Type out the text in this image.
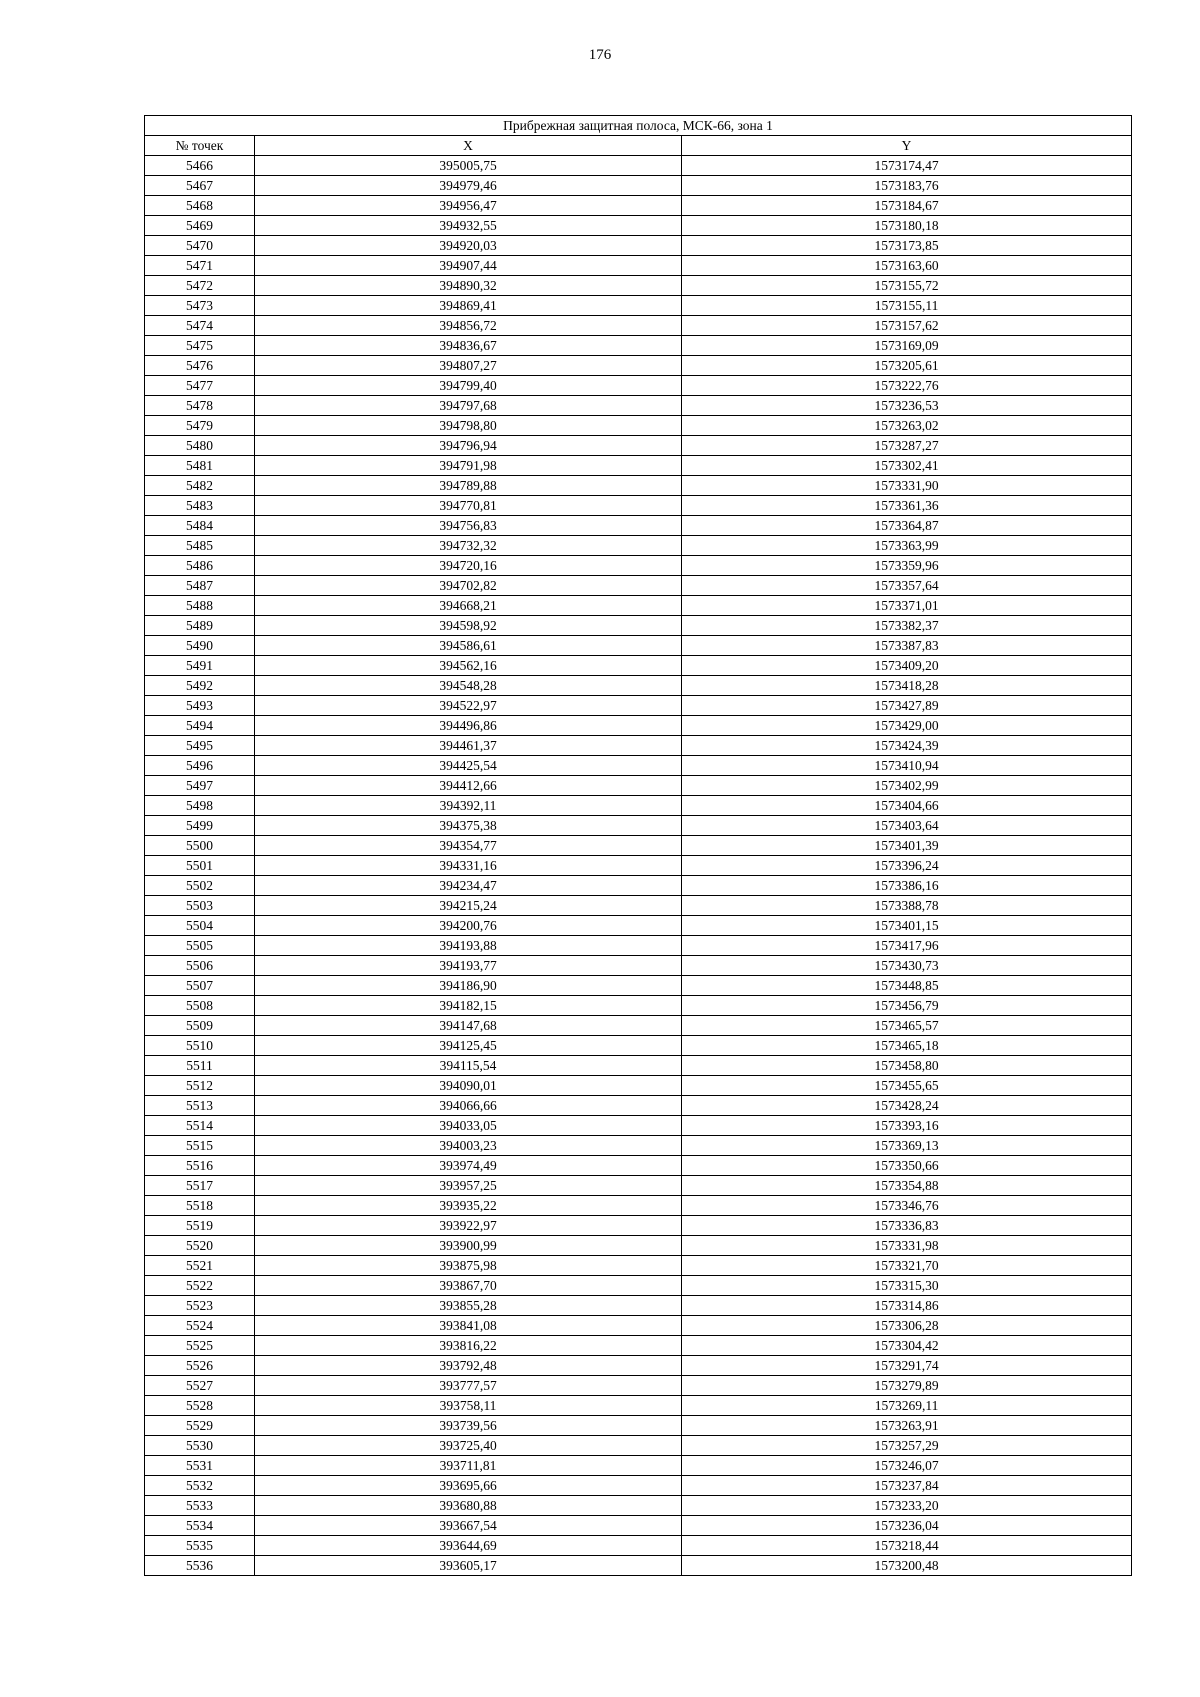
176
Прибрежная защитная полоса, МСК-66, зона 1		
№ точек	X	Y
5466	395005,75	1573174,47
5467	394979,46	1573183,76
5468	394956,47	1573184,67
5469	394932,55	1573180,18
5470	394920,03	1573173,85
5471	394907,44	1573163,60
5472	394890,32	1573155,72
5473	394869,41	1573155,11
5474	394856,72	1573157,62
5475	394836,67	1573169,09
5476	394807,27	1573205,61
5477	394799,40	1573222,76
5478	394797,68	1573236,53
5479	394798,80	1573263,02
5480	394796,94	1573287,27
5481	394791,98	1573302,41
5482	394789,88	1573331,90
5483	394770,81	1573361,36
5484	394756,83	1573364,87
5485	394732,32	1573363,99
5486	394720,16	1573359,96
5487	394702,82	1573357,64
5488	394668,21	1573371,01
5489	394598,92	1573382,37
5490	394586,61	1573387,83
5491	394562,16	1573409,20
5492	394548,28	1573418,28
5493	394522,97	1573427,89
5494	394496,86	1573429,00
5495	394461,37	1573424,39
5496	394425,54	1573410,94
5497	394412,66	1573402,99
5498	394392,11	1573404,66
5499	394375,38	1573403,64
5500	394354,77	1573401,39
5501	394331,16	1573396,24
5502	394234,47	1573386,16
5503	394215,24	1573388,78
5504	394200,76	1573401,15
5505	394193,88	1573417,96
5506	394193,77	1573430,73
5507	394186,90	1573448,85
5508	394182,15	1573456,79
5509	394147,68	1573465,57
5510	394125,45	1573465,18
5511	394115,54	1573458,80
5512	394090,01	1573455,65
5513	394066,66	1573428,24
5514	394033,05	1573393,16
5515	394003,23	1573369,13
5516	393974,49	1573350,66
5517	393957,25	1573354,88
5518	393935,22	1573346,76
5519	393922,97	1573336,83
5520	393900,99	1573331,98
5521	393875,98	1573321,70
5522	393867,70	1573315,30
5523	393855,28	1573314,86
5524	393841,08	1573306,28
5525	393816,22	1573304,42
5526	393792,48	1573291,74
5527	393777,57	1573279,89
5528	393758,11	1573269,11
5529	393739,56	1573263,91
5530	393725,40	1573257,29
5531	393711,81	1573246,07
5532	393695,66	1573237,84
5533	393680,88	1573233,20
5534	393667,54	1573236,04
5535	393644,69	1573218,44
5536	393605,17	1573200,48
